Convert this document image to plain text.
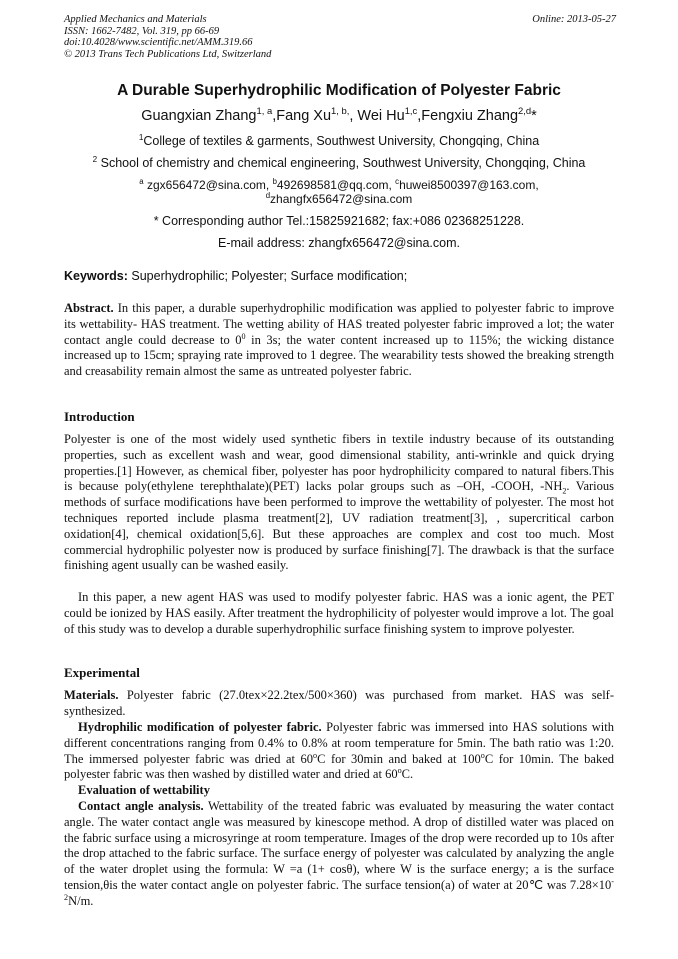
Applied Mechanics and Materials
ISSN: 1662-7482, Vol. 319, pp 66-69
doi:10.4028/www.scientific.net/AMM.319.66
© 2013 Trans Tech Publications Ltd, Switzerland
Online: 2013-05-27
A Durable Superhydrophilic Modification of Polyester Fabric
Guangxian Zhang$^{1, a}$,Fang $Xu^{1, b,}$, Wei Hu$^{1,c}$,Fengxiu Zhang$^{2,d}$*
$^1$College of textiles & garments, Southwest University, Chongqing, China
$^2$ School of chemistry and chemical engineering, Southwest University, Chongqing, China
$^a$ zgx656472@sina.com, $^b$492698581@qq.com, $^c$huwei8500397@163.com,
$^d$zhangfx656472@sina.com
* Corresponding author Tel.:15825921682; fax:+086 02368251228.
E-mail address: zhangfx656472@sina.com.
Keywords: Superhydrophilic; Polyester; Surface modification;
Abstract. In this paper, a durable superhydrophilic modification was applied to polyester fabric to improve its wettability- HAS treatment. The wetting ability of HAS treated polyester fabric improved a lot; the water contact angle could decrease to $0^0$ in 3s; the water content increased up to 115%; the wicking distance increased up to 15cm; spraying rate improved to 1 degree. The wearability tests showed the breaking strength and creasability remain almost the same as untreated polyester fabric.
Introduction
Polyester is one of the most widely used synthetic fibers in textile industry because of its outstanding properties, such as excellent wash and wear, good dimensional stability, anti-wrinkle and quick drying properties.[1] However, as chemical fiber, polyester has poor hydrophilicity compared to natural fibers.This is because poly(ethylene terephthalate)(PET) lacks polar groups such as –OH, -COOH, $-NH_2$. Various methods of surface modifications have been performed to improve the wettability of polyester. The most hot techniques reported include plasma treatment[2], UV radiation treatment[3], , supercritical carbon oxidation[4], chemical oxidation[5,6]. But these approaches are complex and cost too much. Most commercial hydrophilic polyester now is produced by surface finishing[7]. The drawback is that the surface finishing agent usually can be washed easily.
In this paper, a new agent HAS was used to modify polyester fabric. HAS was a ionic agent, the PET could be ionized by HAS easily. After treatment the hydrophilicity of polyester would improve a lot. The goal of this study was to develop a durable superhydrophilic surface finishing system to improve polyester.
Experimental
Materials. Polyester fabric (27.0tex×22.2tex/500×360) was purchased from market. HAS was self-synthesized.
Hydrophilic modification of polyester fabric. Polyester fabric was immersed into HAS solutions with different concentrations ranging from 0.4% to 0.8% at room temperature for 5min. The bath ratio was 1:20. The immersed polyester fabric was dried at 60$^o$C for 30min and baked at 100$^o$C for 10min. The baked polyester fabric was then washed by distilled water and dried at 60$^o$C.
Evaluation of wettability
Contact angle analysis. Wettability of the treated fabric was evaluated by measuring the water contact angle. The water contact angle was measured by kinescope method. A drop of distilled water was placed on the fabric surface using a microsyringe at room temperature. Images of the drop were recorded up to 10s after the drop attached to the fabric surface. The surface energy of polyester was calculated by analyzing the angle of the water droplet using the formula: W =a (1+ cosθ), where W is the surface energy; a is the surface tension,θis the water contact angle on polyester fabric. The surface tension(a) of water at 20℃ was $7.28\times 10^{-2}N/m$.
